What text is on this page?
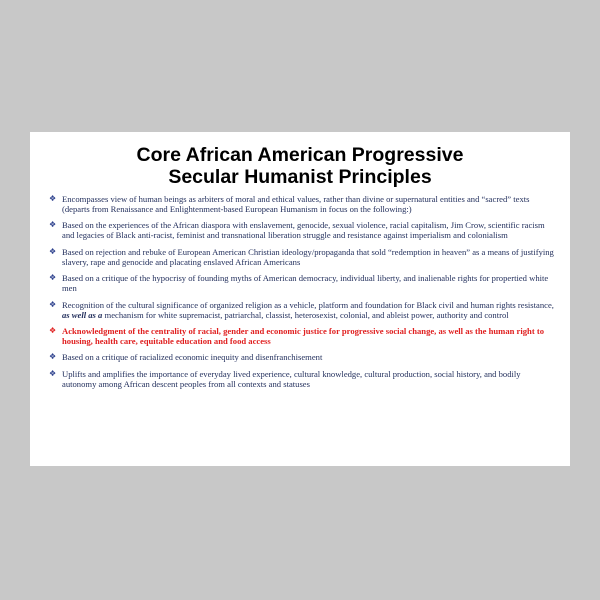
Core African American Progressive
Secular Humanist Principles
❖ Encompasses view of human beings as arbiters of moral and ethical values, rather than divine or supernatural entities and “sacred” texts (departs from Renaissance and Enlightenment-based European Humanism in focus on the following:)
❖ Based on the experiences of the African diaspora with enslavement, genocide, sexual violence, racial capitalism, Jim Crow, scientific racism and legacies of Black anti-racist, feminist and transnational liberation struggle and resistance against imperialism and colonialism
❖ Based on rejection and rebuke of European American Christian ideology/propaganda that sold “redemption in heaven” as a means of justifying slavery, rape and genocide and placating enslaved African Americans
❖ Based on a critique of the hypocrisy of founding myths of American democracy, individual liberty, and inalienable rights for propertied white men
❖ Recognition of the cultural significance of organized religion as a vehicle, platform and foundation for Black civil and human rights resistance, as well as a mechanism for white supremacist, patriarchal, classist, heterosexist, colonial, and ableist power, authority and control
❖ Acknowledgment of the centrality of racial, gender and economic justice for progressive social change, as well as the human right to housing, health care, equitable education and food access
❖ Based on a critique of racialized economic inequity and disenfranchisement
❖ Uplifts and amplifies the importance of everyday lived experience, cultural knowledge, cultural production, social history, and bodily autonomy among African descent peoples from all contexts and statuses
